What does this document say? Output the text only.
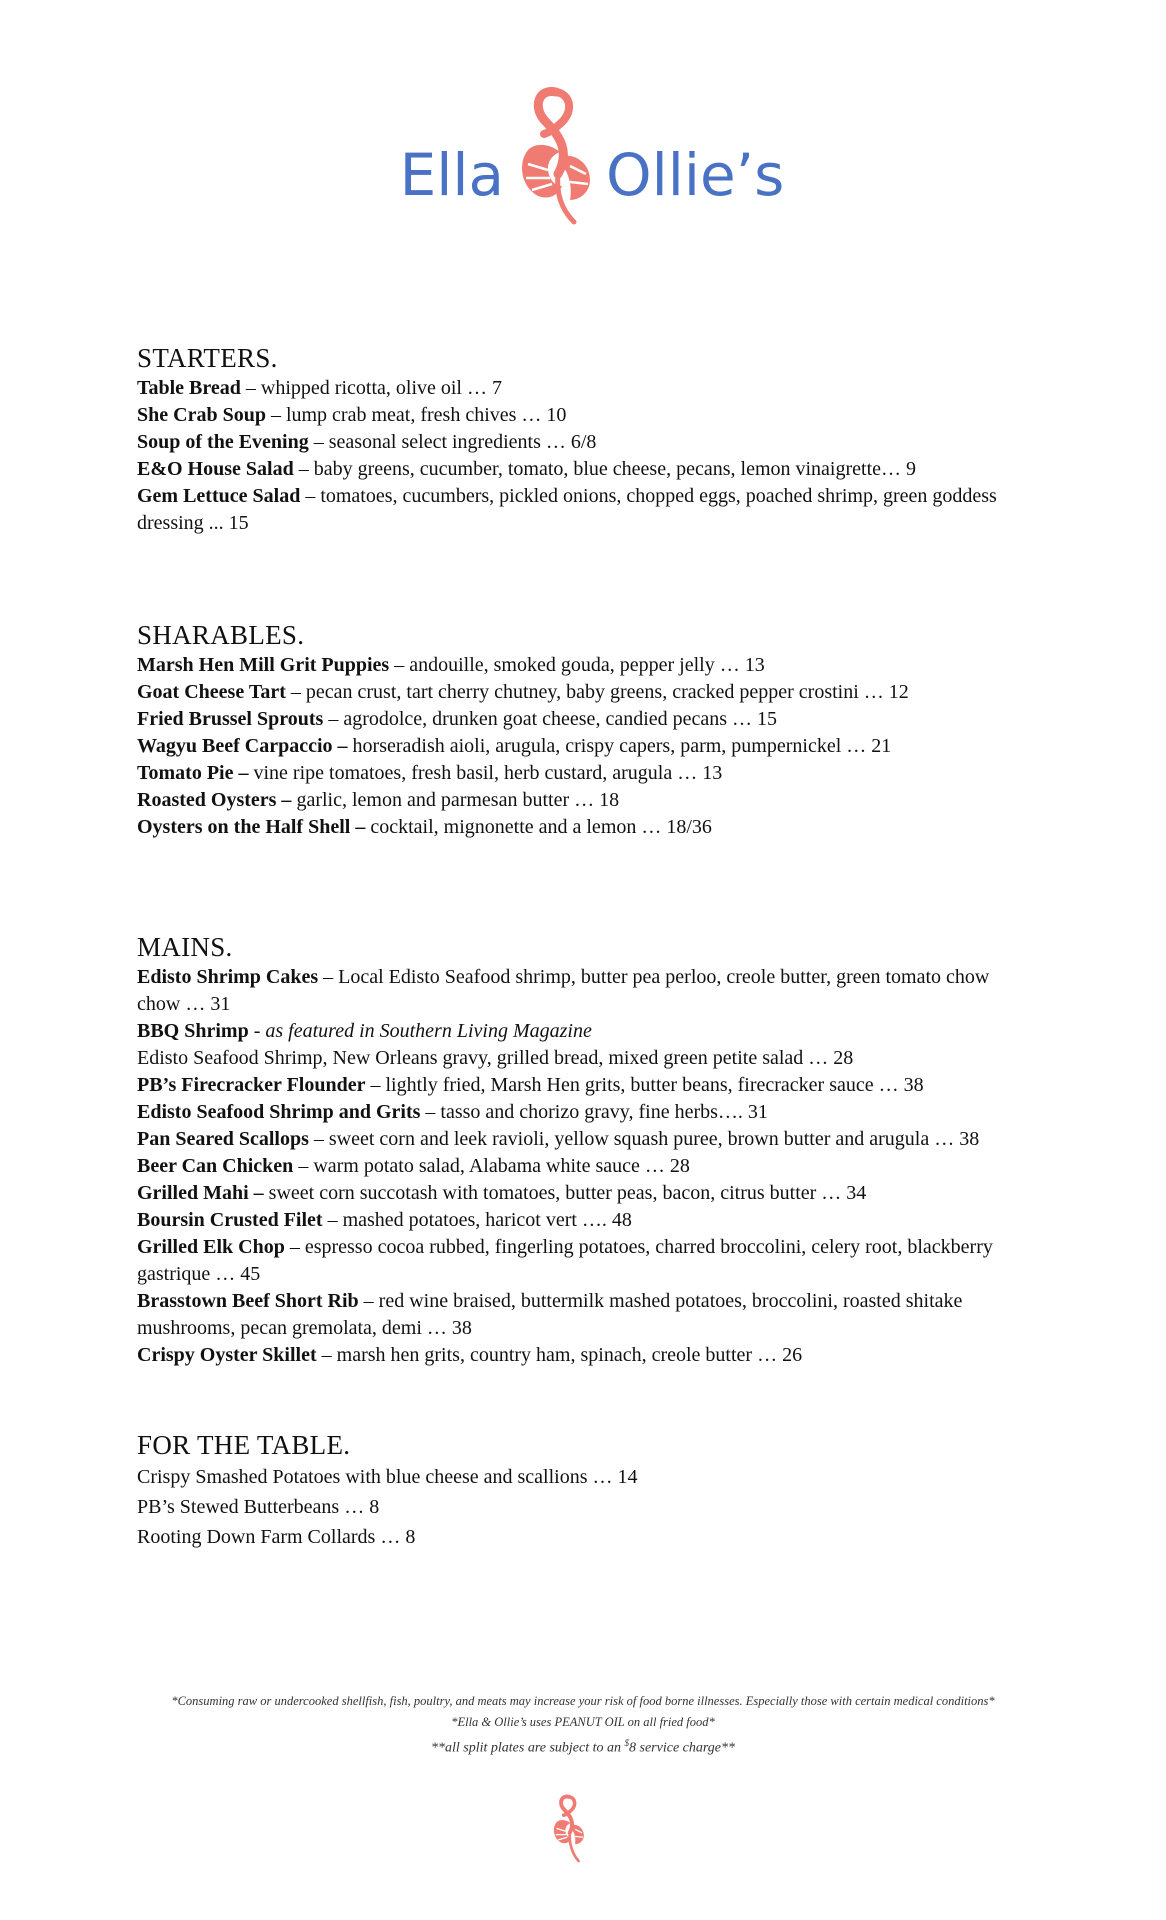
Ella Ollie’s
STARTERS.

Table Bread – whipped ricotta, olive oil … 7

She Crab Soup – lump crab meat, fresh chives … 10

Soup of the Evening – seasonal select ingredients … 6/8

E&O House Salad – baby greens, cucumber, tomato, blue cheese, pecans, lemon vinaigrette… 9

Gem Lettuce Salad – tomatoes, cucumbers, pickled onions, chopped eggs, poached shrimp, green goddess dressing ... 15

SHARABLES.

Marsh Hen Mill Grit Puppies – andouille, smoked gouda, pepper jelly … 13

Goat Cheese Tart – pecan crust, tart cherry chutney, baby greens, cracked pepper crostini … 12

Fried Brussel Sprouts – agrodolce, drunken goat cheese, candied pecans … 15

Wagyu Beef Carpaccio – horseradish aioli, arugula, crispy capers, parm, pumpernickel … 21

Tomato Pie – vine ripe tomatoes, fresh basil, herb custard, arugula … 13

Roasted Oysters – garlic, lemon and parmesan butter … 18

Oysters on the Half Shell – cocktail, mignonette and a lemon … 18/36

MAINS.

Edisto Shrimp Cakes – Local Edisto Seafood shrimp, butter pea perloo, creole butter, green tomato chow chow … 31

BBQ Shrimp - as featured in Southern Living Magazine

Edisto Seafood Shrimp, New Orleans gravy, grilled bread, mixed green petite salad … 28

PB’s Firecracker Flounder – lightly fried, Marsh Hen grits, butter beans, firecracker sauce … 38

Edisto Seafood Shrimp and Grits – tasso and chorizo gravy, fine herbs…. 31

Pan Seared Scallops – sweet corn and leek ravioli, yellow squash puree, brown butter and arugula … 38

Beer Can Chicken – warm potato salad, Alabama white sauce … 28

Grilled Mahi – sweet corn succotash with tomatoes, butter peas, bacon, citrus butter … 34

Boursin Crusted Filet – mashed potatoes, haricot vert …. 48

Grilled Elk Chop – espresso cocoa rubbed, fingerling potatoes, charred broccolini, celery root, blackberry gastrique … 45

Brasstown Beef Short Rib – red wine braised, buttermilk mashed potatoes, broccolini, roasted shitake mushrooms, pecan gremolata, demi … 38

Crispy Oyster Skillet – marsh hen grits, country ham, spinach, creole butter … 26

FOR THE TABLE.

Crispy Smashed Potatoes with blue cheese and scallions … 14

PB’s Stewed Butterbeans … 8

Rooting Down Farm Collards … 8

*Consuming raw or undercooked shellfish, fish, poultry, and meats may increase your risk of food borne illnesses. Especially those with certain medical conditions*

*Ella & Ollie’s uses PEANUT OIL on all fried food*

**all split plates are subject to an $8 service charge**
